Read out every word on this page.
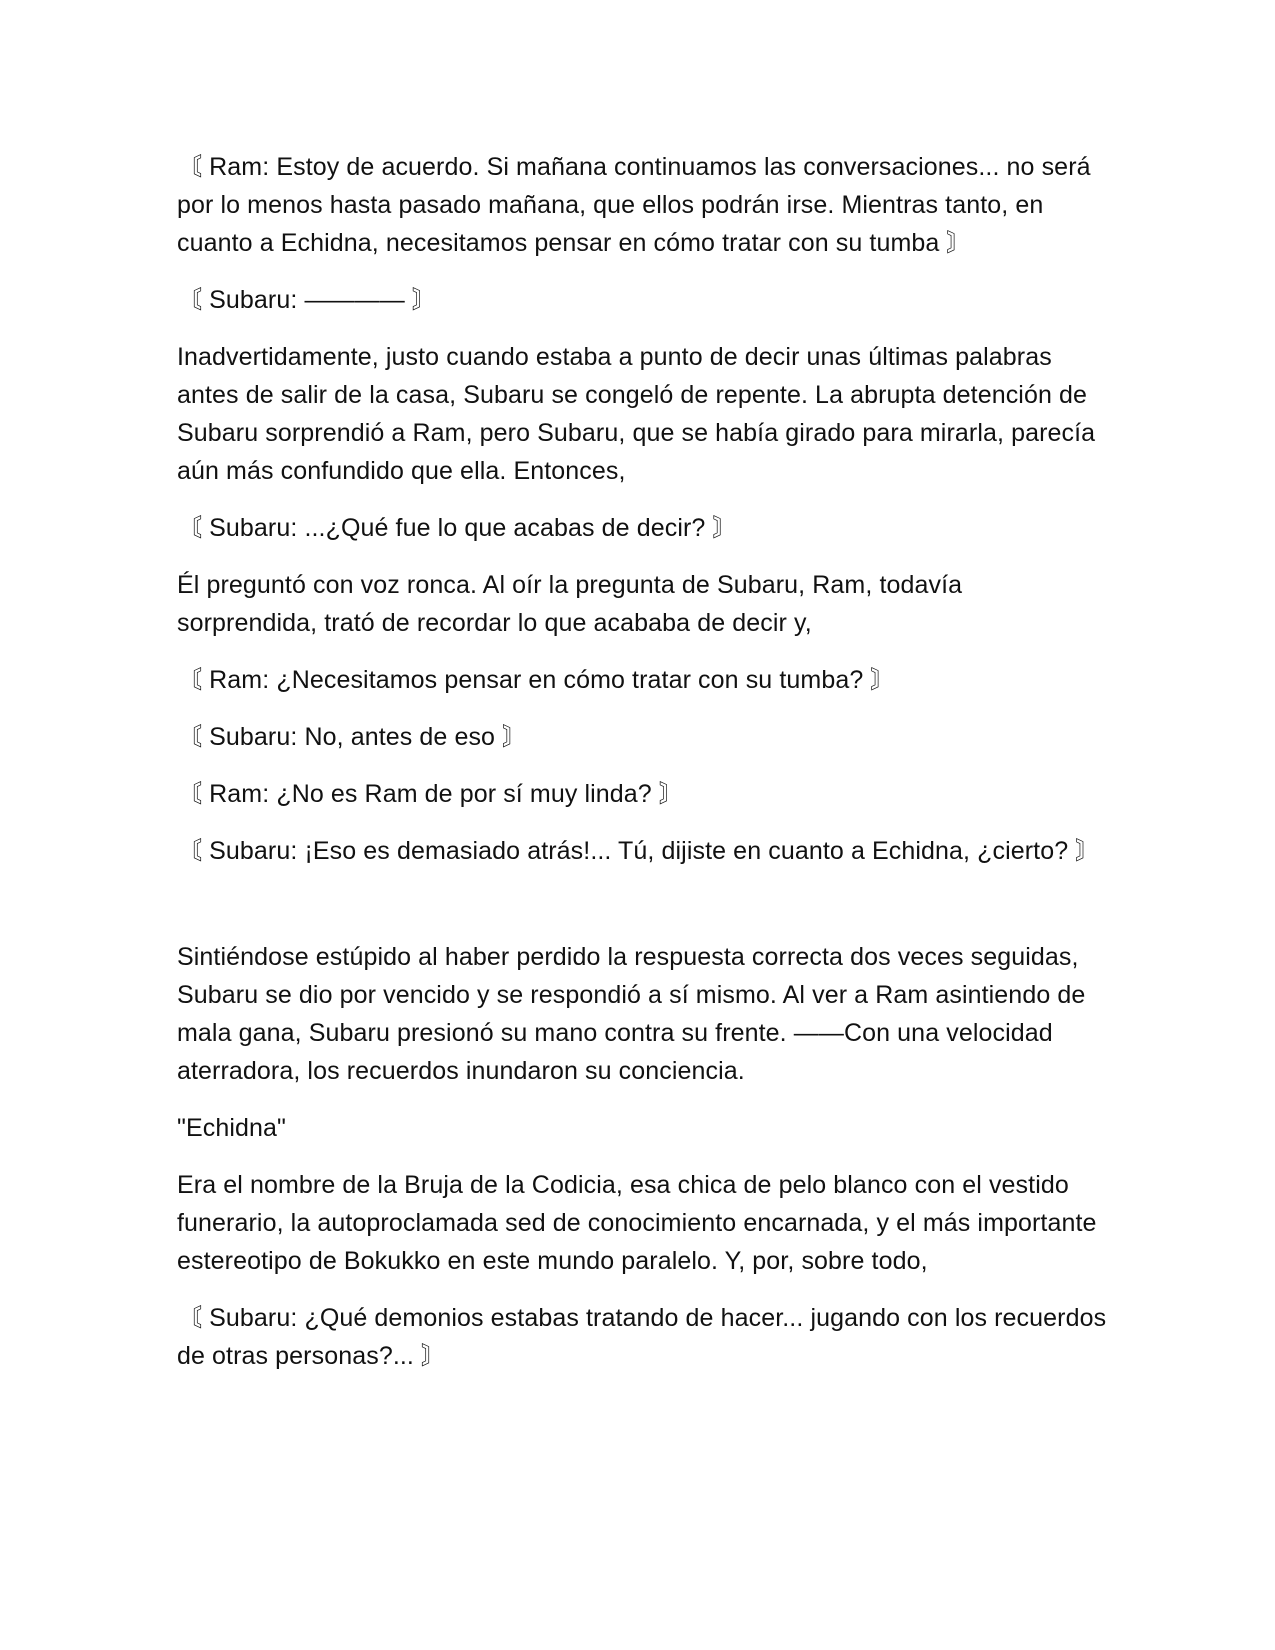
〘 Ram: Estoy de acuerdo. Si mañana continuamos las conversaciones... no será por lo menos hasta pasado mañana, que ellos podrán irse. Mientras tanto, en cuanto a Echidna, necesitamos pensar en cómo tratar con su tumba 〙

〘 Subaru: ———— 〙

Inadvertidamente, justo cuando estaba a punto de decir unas últimas palabras antes de salir de la casa, Subaru se congeló de repente. La abrupta detención de Subaru sorprendió a Ram, pero Subaru, que se había girado para mirarla, parecía aún más confundido que ella. Entonces,

〘 Subaru: ...¿Qué fue lo que acabas de decir? 〙

Él preguntó con voz ronca. Al oír la pregunta de Subaru, Ram, todavía sorprendida, trató de recordar lo que acababa de decir y,

〘 Ram: ¿Necesitamos pensar en cómo tratar con su tumba? 〙

〘 Subaru: No, antes de eso 〙

〘 Ram: ¿No es Ram de por sí muy linda? 〙

〘 Subaru: ¡Eso es demasiado atrás!... Tú, dijiste en cuanto a Echidna, ¿cierto? 〙

Sintiéndose estúpido al haber perdido la respuesta correcta dos veces seguidas, Subaru se dio por vencido y se respondió a sí mismo. Al ver a Ram asintiendo de mala gana, Subaru presionó su mano contra su frente. ——Con una velocidad aterradora, los recuerdos inundaron su conciencia.

"Echidna"

Era el nombre de la Bruja de la Codicia, esa chica de pelo blanco con el vestido funerario, la autoproclamada sed de conocimiento encarnada, y el más importante estereotipo de Bokukko en este mundo paralelo. Y, por, sobre todo,

〘 Subaru: ¿Qué demonios estabas tratando de hacer... jugando con los recuerdos de otras personas?... 〙
